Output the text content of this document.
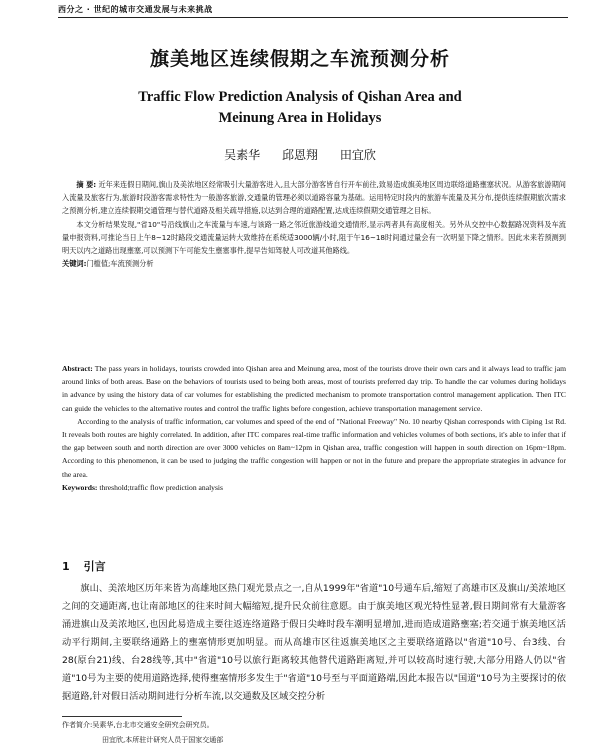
西分之 · 世纪的城市交通发展与未来挑战
旗美地区连续假期之车流预测分析
Traffic Flow Prediction Analysis of Qishan Area and
Meinung Area in Holidays
吴素华 邱恩翔 田宜欣
摘 要: 近年来连假日期间,旗山及美浓地区经常吸引大量游客进入,且大部分游客皆自行开车前往,致易造成旗美地区周边联络道路壅塞状况。从游客旅游期间入流量及旅客行为,旅游时段游客需求特性为一般游客旅游,交通量的管理必须以道路容量为基础。运用特定时段内的旅游车流量及其分布,提供连续假期旅次需求之预测分析,建立连续假期交通管理与替代道路及相关疏导措施,以达到合理的道路配置,达成连续假期交通管理之目标。
本文分析结果发现,"省10"号沿线旗山之车流量与车速,与该路一路之邻近旅游线道交通情形,显示两者具有高度相关。另外从交控中心数据路况资料及车流量申报资料,可推论当日上午8~12时路段交通流量运转大致维持在系统适3000辆/小时,阻于午16~18时间通过量会有一次明显下降之情形。因此未来若预测到明天以内之道路出现壅塞,可以预测下午可能发生壅塞事件,提早告知驾驶人可改道其他路线。
关键词:门槛值;车流预测分析
Abstract: The pass years in holidays, tourists crowded into Qishan area and Meinung area, most of the tourists drove their own cars and it always lead to traffic jam around links of both areas. Base on the behaviors of tourists used to being both areas, most of tourists preferred day trip. To handle the car volumes during holidays in advance by using the history data of car volumes for establishing the predicted mechanism to promote transportation control management application. Then ITC can guide the vehicles to the alternative routes and control the traffic lights before congestion, achieve transportation management service.
According to the analysis of traffic information, car volumes and speed of the end of "National Freeway" No. 10 nearby Qishan corresponds with Ciping 1st Rd. It reveals both routes are highly correlated. In addition, after ITC compares real-time traffic information and vehicles volumes of both sections, it's able to infer that if the gap between south and north direction are over 3000 vehicles on 8am~12pm in Qishan area, traffic congestion will happen in south direction on 16pm~18pm. According to this phenomenon, it can be used to judging the traffic congestion will happen or not in the future and prepare the appropriate strategies in advance for the area.
Keywords: threshold;traffic flow prediction analysis
1 引言
旗山、美浓地区历年来皆为高雄地区热门观光景点之一,自从1999年"省道"10号通车后,缩短了高雄市区及旗山/美浓地区之间的交通距离,也让南部地区的往来时间大幅缩短,提升民众前往意愿。由于旗美地区观光特性显著,假日期间常有大量游客涌进旗山及美浓地区,也因此易造成主要往返连络道路于假日尖峰时段车潮明显增加,进而造成道路壅塞;若交通于旗美地区活动平行期间,主要联络通路上的壅塞情形更加明显。而从高雄市区往返旗美地区之主要联络道路以"省道"10号、台3线、台28(原台21)线、台28线等,其中"省道"10号以旅行距离较其他替代道路距离短,并可以较高时速行驶,大部分用路人仍以"省道"10号为主要的使用道路选择,使得壅塞情形多发生于"省道"10号至与平面道路端,因此本报告以"国道"10号为主要探讨的依据道路,针对假日活动期间进行分析车流,以交通数及区域交控分析
作者简介:吴素华,台北市交通安全研究会研究员。
田宜欣,本所驻计研究人员于国家交通部
